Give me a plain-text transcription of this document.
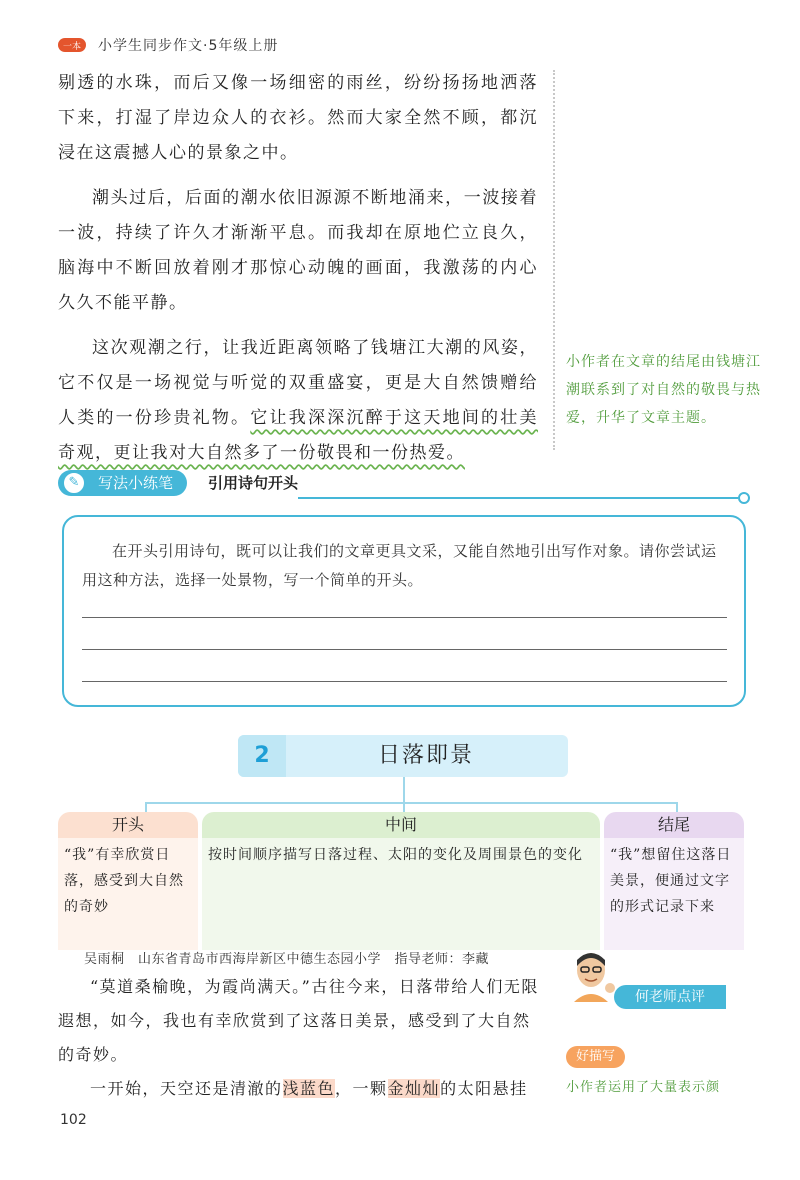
一本	小学生同步作文·5年级上册

剔透的水珠，而后又像一场细密的雨丝，纷纷扬扬地洒落下来，打湿了岸边众人的衣衫。然而大家全然不顾，都沉浸在这震撼人心的景象之中。

潮头过后，后面的潮水依旧源源不断地涌来，一波接着一波，持续了许久才渐渐平息。而我却在原地伫立良久，脑海中不断回放着刚才那惊心动魄的画面，我激荡的内心久久不能平静。

这次观潮之行，让我近距离领略了钱塘江大潮的风姿，它不仅是一场视觉与听觉的双重盛宴，更是大自然馈赠给人类的一份珍贵礼物。它让我深深沉醉于这天地间的壮美奇观，更让我对大自然多了一份敬畏和一份热爱。

小作者在文章的结尾由钱塘江潮联系到了对自然的敬畏与热爱，升华了文章主题。
✎	写法小练笔	引用诗句开头
在开头引用诗句，既可以让我们的文章更具文采，又能自然地引出写作对象。请你尝试运用这种方法，选择一处景物，写一个简单的开头。
2	日落即景
开头
“我”有幸欣赏日落，感受到大自然的奇妙
中间
按时间顺序描写日落过程、太阳的变化及周围景色的变化
结尾
“我”想留住这落日美景，便通过文字的形式记录下来
吴雨桐　山东省青岛市西海岸新区中德生态园小学　指导老师：李藏

“莫道桑榆晚，为霞尚满天。”古往今来，日落带给人们无限遐想，如今，我也有幸欣赏到了这落日美景，感受到了大自然的奇妙。

一开始，天空还是清澈的浅蓝色，一颗金灿灿的太阳悬挂

何老师点评
好描写
小作者运用了大量表示颜
102
